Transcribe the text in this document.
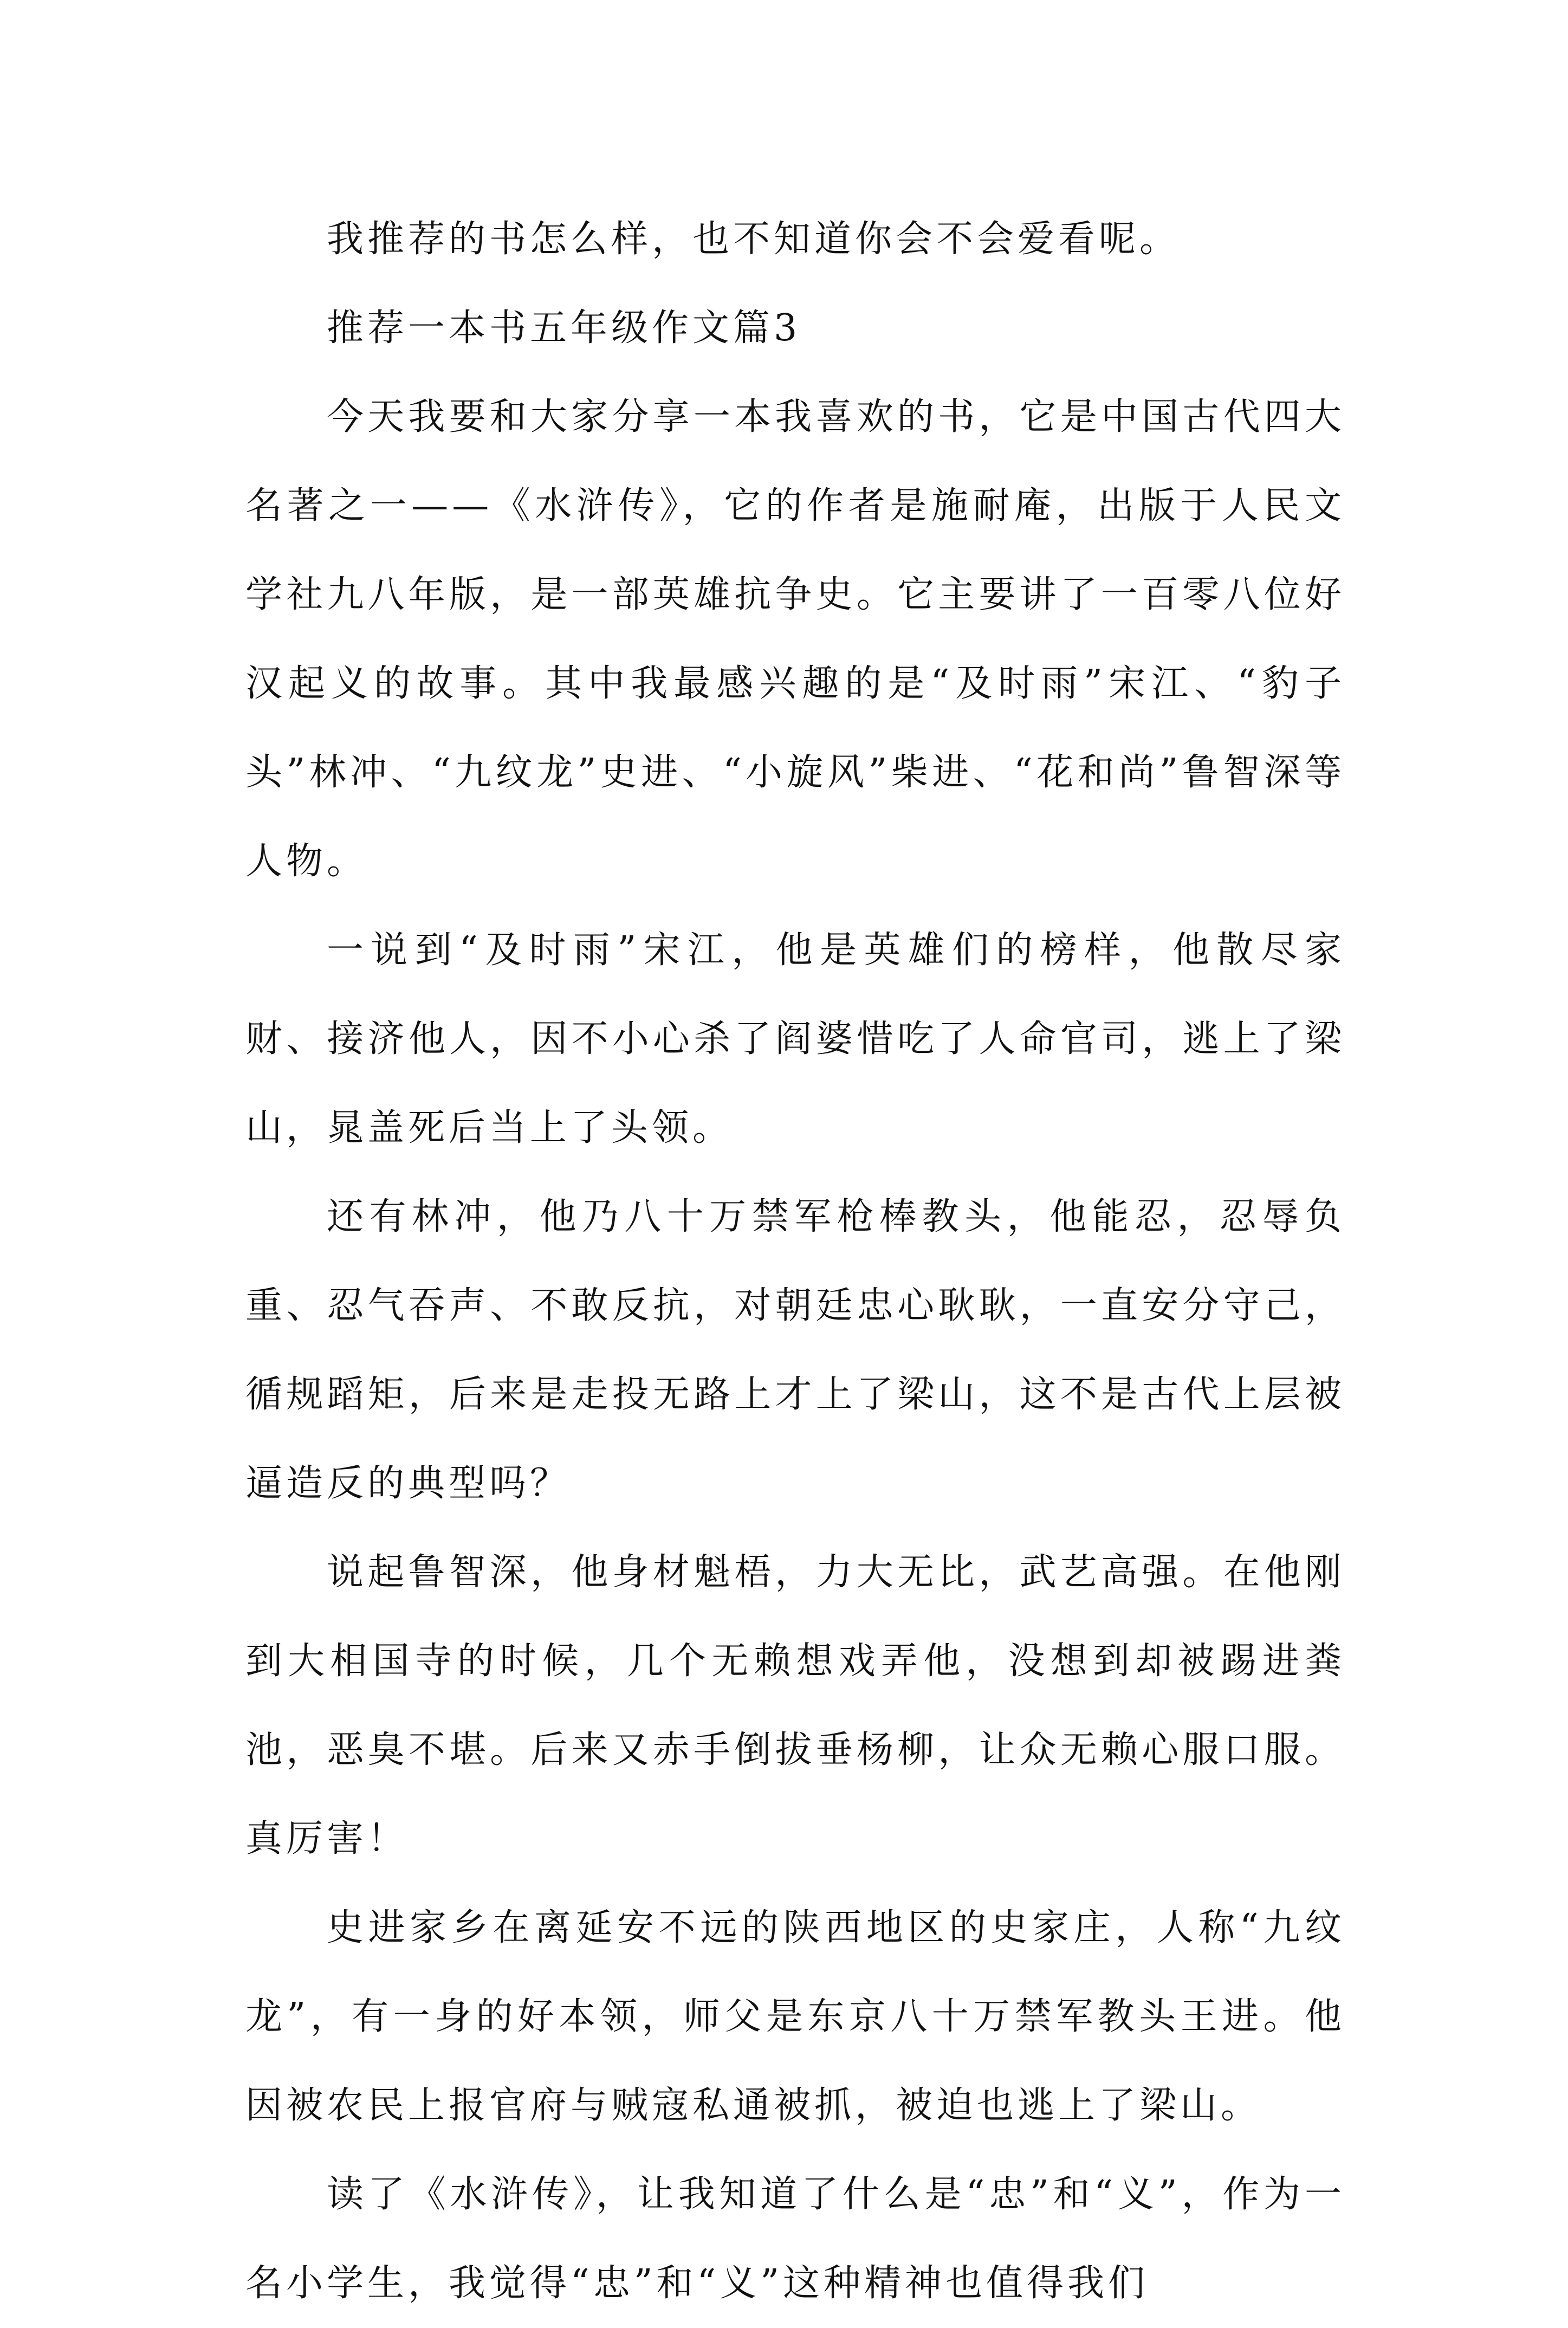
我推荐的书怎么样，也不知道你会不会爱看呢。

推荐一本书五年级作文篇3

今天我要和大家分享一本我喜欢的书，它是中国古代四大名著之一——《水浒传》，它的作者是施耐庵，出版于人民文学社九八年版，是一部英雄抗争史。它主要讲了一百零八位好汉起义的故事。其中我最感兴趣的是“及时雨”宋江、“豹子头”林冲、“九纹龙”史进、“小旋风”柴进、“花和尚”鲁智深等人物。

一说到“及时雨”宋江，他是英雄们的榜样，他散尽家财、接济他人，因不小心杀了阎婆惜吃了人命官司，逃上了梁山，晁盖死后当上了头领。

还有林冲，他乃八十万禁军枪棒教头，他能忍，忍辱负重、忍气吞声、不敢反抗，对朝廷忠心耿耿，一直安分守己，循规蹈矩，后来是走投无路上才上了梁山，这不是古代上层被逼造反的典型吗？

说起鲁智深，他身材魁梧，力大无比，武艺高强。在他刚到大相国寺的时候，几个无赖想戏弄他，没想到却被踢进粪池，恶臭不堪。后来又赤手倒拔垂杨柳，让众无赖心服口服。真厉害！

史进家乡在离延安不远的陕西地区的史家庄，人称“九纹龙”，有一身的好本领，师父是东京八十万禁军教头王进。他因被农民上报官府与贼寇私通被抓，被迫也逃上了梁山。

读了《水浒传》，让我知道了什么是“忠”和“义”，作为一名小学生，我觉得“忠”和“义”这种精神也值得我们
